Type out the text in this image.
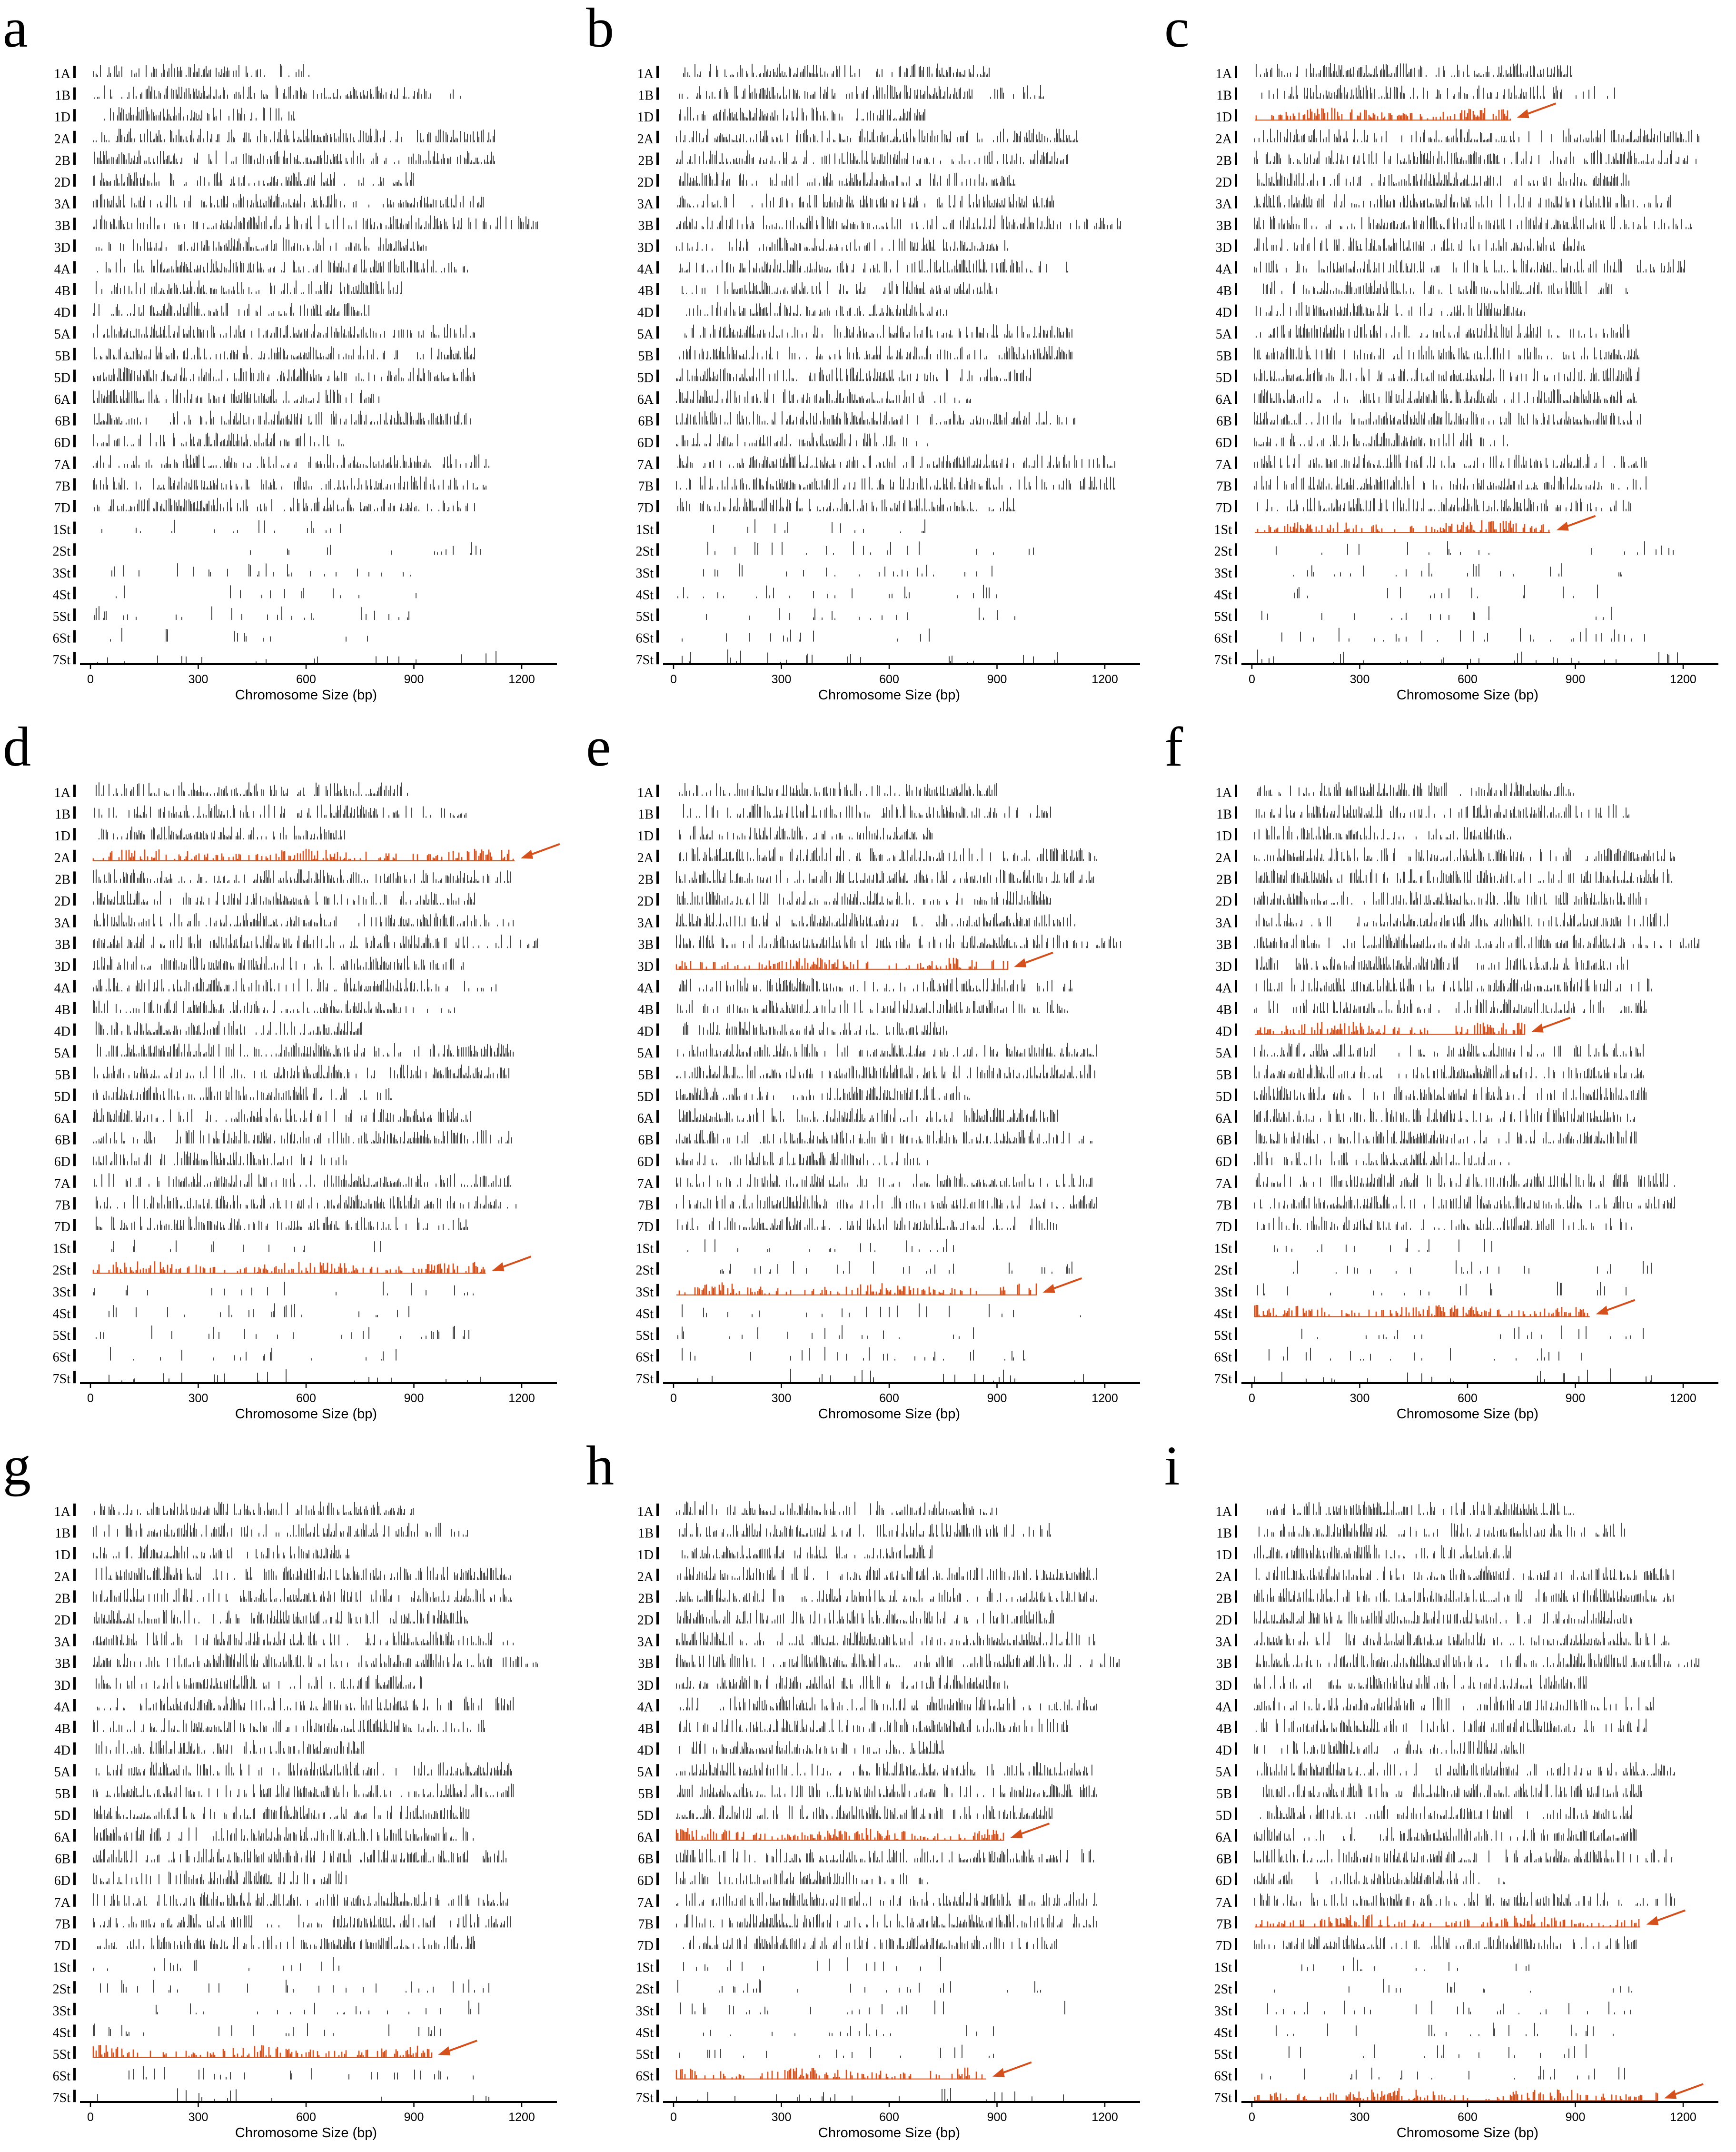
a
1A
1B
1D
2A
2B
2D
3A
3B
3D
4A
4B
4D
5A
5B
5D
6A
6B
6D
7A
7B
7D
1St
2St
3St
4St
5St
6St
7St
0	300	600	900	1200
Chromosome Size (bp)
b
1A
1B
1D
2A
2B
2D
3A
3B
3D
4A
4B
4D
5A
5B
5D
6A
6B
6D
7A
7B
7D
1St
2St
3St
4St
5St
6St
7St
0	300	600	900	1200
Chromosome Size (bp)
c
1A
1B
1D
2A
2B
2D
3A
3B
3D
4A
4B
4D
5A
5B
5D
6A
6B
6D
7A
7B
7D
1St
2St
3St
4St
5St
6St
7St
0	300	600	900	1200
Chromosome Size (bp)
d
1A
1B
1D
2A
2B
2D
3A
3B
3D
4A
4B
4D
5A
5B
5D
6A
6B
6D
7A
7B
7D
1St
2St
3St
4St
5St
6St
7St
0	300	600	900	1200
Chromosome Size (bp)
e
1A
1B
1D
2A
2B
2D
3A
3B
3D
4A
4B
4D
5A
5B
5D
6A
6B
6D
7A
7B
7D
1St
2St
3St
4St
5St
6St
7St
0	300	600	900	1200
Chromosome Size (bp)
f
1A
1B
1D
2A
2B
2D
3A
3B
3D
4A
4B
4D
5A
5B
5D
6A
6B
6D
7A
7B
7D
1St
2St
3St
4St
5St
6St
7St
0	300	600	900	1200
Chromosome Size (bp)
g
1A
1B
1D
2A
2B
2D
3A
3B
3D
4A
4B
4D
5A
5B
5D
6A
6B
6D
7A
7B
7D
1St
2St
3St
4St
5St
6St
7St
0	300	600	900	1200
Chromosome Size (bp)
h
1A
1B
1D
2A
2B
2D
3A
3B
3D
4A
4B
4D
5A
5B
5D
6A
6B
6D
7A
7B
7D
1St
2St
3St
4St
5St
6St
7St
0	300	600	900	1200
Chromosome Size (bp)
i
1A
1B
1D
2A
2B
2D
3A
3B
3D
4A
4B
4D
5A
5B
5D
6A
6B
6D
7A
7B
7D
1St
2St
3St
4St
5St
6St
7St
0	300	600	900	1200
Chromosome Size (bp)
